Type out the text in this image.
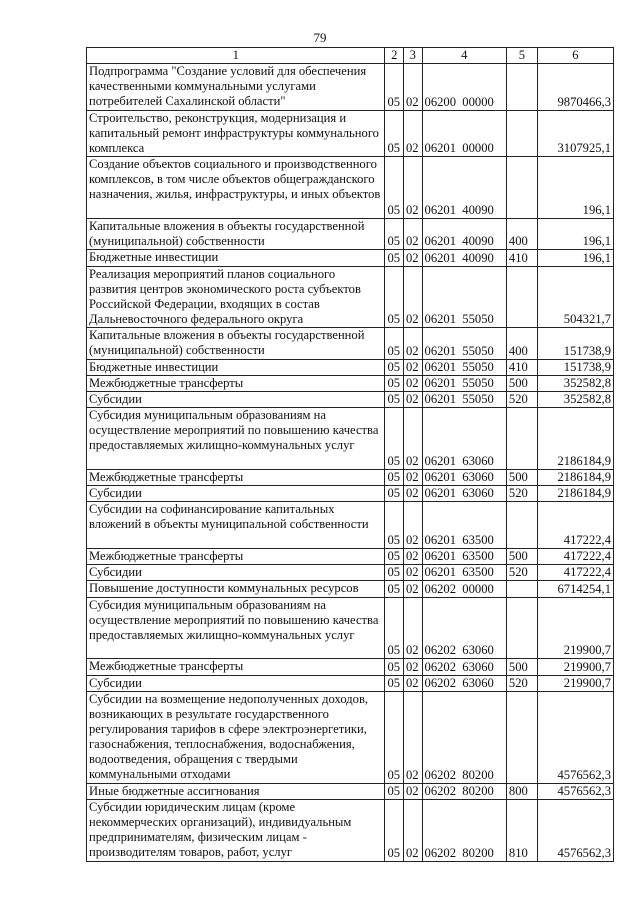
79
1	2	3	4	5	6
Подпрограмма "Создание условий для обеспечения качественными коммунальными услугами потребителей Сахалинской области"	05	02	06200  00000		9870466,3
Строительство, реконструкция, модернизация и капитальный ремонт инфраструктуры коммунального комплекса	05	02	06201  00000		3107925,1
Создание объектов социального и производственного комплексов, в том числе объектов общегражданского назначения, жилья, инфраструктуры, и иных объектов	05	02	06201  40090		196,1
Капитальные вложения в объекты государственной (муниципальной) собственности	05	02	06201  40090	400	196,1
Бюджетные инвестиции	05	02	06201  40090	410	196,1
Реализация мероприятий планов социального развития центров экономического роста субъектов Российской Федерации, входящих в состав Дальневосточного федерального округа	05	02	06201  55050		504321,7
Капитальные вложения в объекты государственной (муниципальной) собственности	05	02	06201  55050	400	151738,9
Бюджетные инвестиции	05	02	06201  55050	410	151738,9
Межбюджетные трансферты	05	02	06201  55050	500	352582,8
Субсидии	05	02	06201  55050	520	352582,8
Субсидия муниципальным образованиям на осуществление мероприятий по повышению качества предоставляемых жилищно-коммунальных услуг	05	02	06201  63060		2186184,9
Межбюджетные трансферты	05	02	06201  63060	500	2186184,9
Субсидии	05	02	06201  63060	520	2186184,9
Субсидии на софинансирование капитальных вложений в объекты муниципальной собственности	05	02	06201  63500		417222,4
Межбюджетные трансферты	05	02	06201  63500	500	417222,4
Субсидии	05	02	06201  63500	520	417222,4
Повышение доступности коммунальных ресурсов	05	02	06202  00000		6714254,1
Субсидия муниципальным образованиям на осуществление мероприятий по повышению качества предоставляемых жилищно-коммунальных услуг	05	02	06202  63060		219900,7
Межбюджетные трансферты	05	02	06202  63060	500	219900,7
Субсидии	05	02	06202  63060	520	219900,7
Субсидии на возмещение недополученных доходов, возникающих в результате государственного регулирования тарифов в сфере электроэнергетики, газоснабжения, теплоснабжения, водоснабжения, водоотведения, обращения с твердыми коммунальными отходами	05	02	06202  80200		4576562,3
Иные бюджетные ассигнования	05	02	06202  80200	800	4576562,3
Субсидии юридическим лицам (кроме некоммерческих организаций), индивидуальным предпринимателям, физическим лицам - производителям товаров, работ, услуг	05	02	06202  80200	810	4576562,3
